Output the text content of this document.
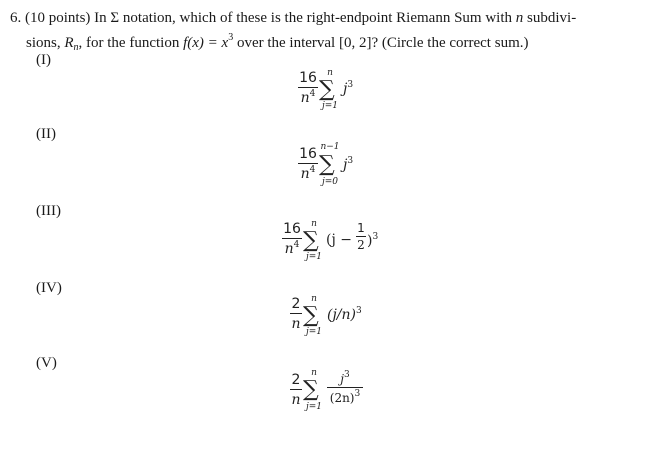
6. (10 points) In Σ notation, which of these is the right-endpoint Riemann Sum with n subdivi-
sions, $R_n$, for the function $f(x) = x^3$ over the interval [0, 2]? (Circle the correct sum.)
(I)
(II)
(III)
(IV)
(V)
16
$n^4$
n
∑
j=1
$j^3$
16
$n^4$
n−1
∑
j=0
$j^3$
16
$n^4$
n
∑
j=1
(j −
1
2 )$^3$
2
n
n
∑
j=1
$(j/n)^3$
2
n
n
∑
j=1
$j^3$
$(2n)^3$
